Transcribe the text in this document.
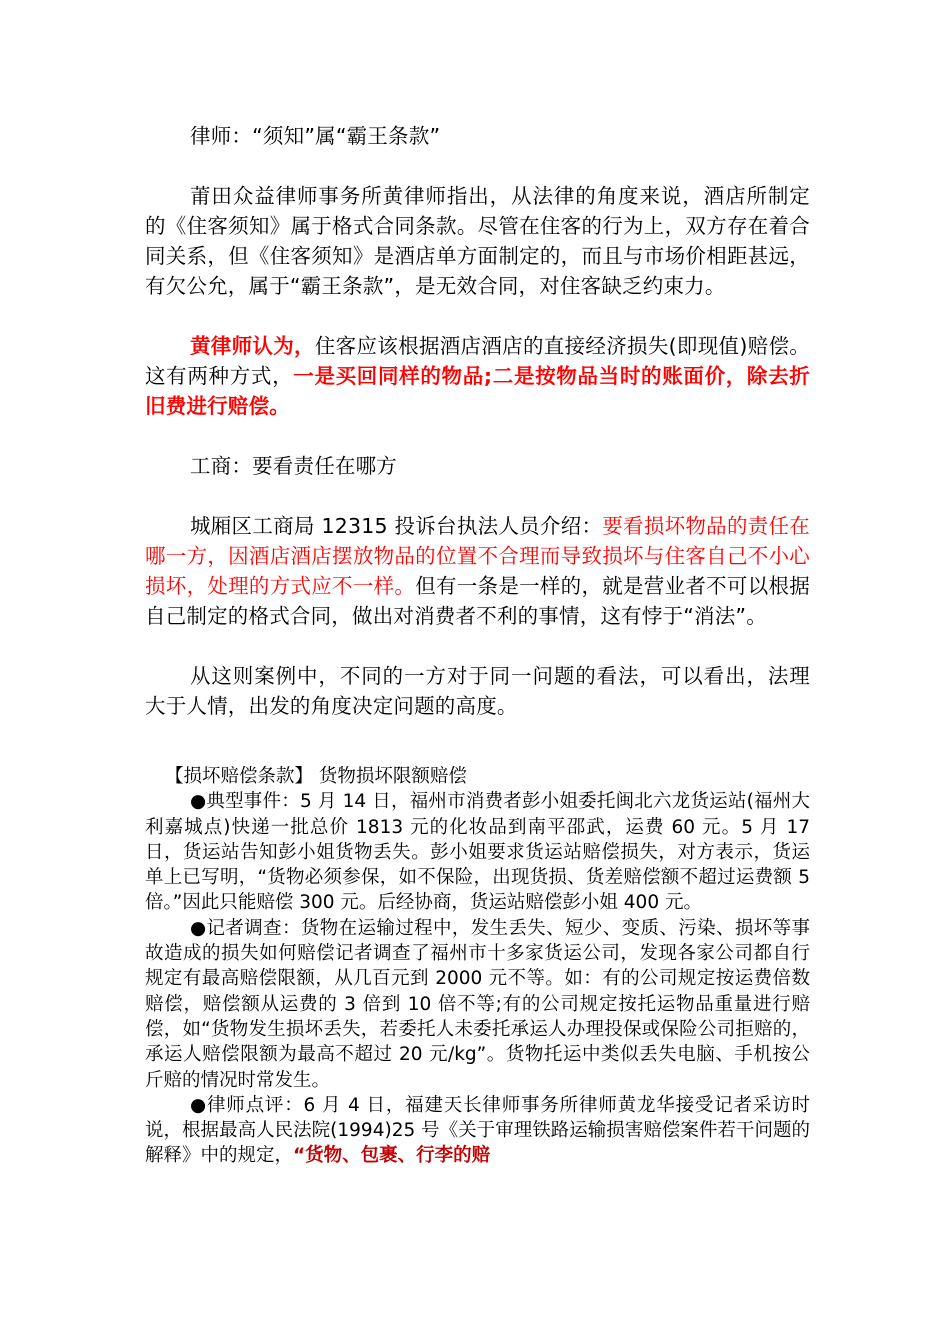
律师：“须知”属“霸王条款”

莆田众益律师事务所黄律师指出，从法律的角度来说，酒店所制定的《住客须知》属于格式合同条款。尽管在住客的行为上，双方存在着合同关系，但《住客须知》是酒店单方面制定的，而且与市场价相距甚远，有欠公允，属于“霸王条款”，是无效合同，对住客缺乏约束力。

黄律师认为，住客应该根据酒店酒店的直接经济损失(即现值)赔偿。这有两种方式，一是买回同样的物品;二是按物品当时的账面价，除去折旧费进行赔偿。

工商：要看责任在哪方

城厢区工商局 12315 投诉台执法人员介绍：要看损坏物品的责任在哪一方，因酒店酒店摆放物品的位置不合理而导致损坏与住客自己不小心损坏，处理的方式应不一样。但有一条是一样的，就是营业者不可以根据自己制定的格式合同，做出对消费者不利的事情，这有悖于“消法”。

从这则案例中，不同的一方对于同一问题的看法，可以看出，法理大于人情，出发的角度决定问题的高度。

【损坏赔偿条款】 货物损坏限额赔偿

●典型事件：5 月 14 日，福州市消费者彭小姐委托闽北六龙货运站(福州大利嘉城点)快递一批总价 1813 元的化妆品到南平邵武，运费 60 元。5 月 17 日，货运站告知彭小姐货物丢失。彭小姐要求货运站赔偿损失，对方表示，货运单上已写明，“货物必须参保，如不保险，出现货损、货差赔偿额不超过运费额 5 倍。”因此只能赔偿 300 元。后经协商，货运站赔偿彭小姐 400 元。

●记者调查：货物在运输过程中，发生丢失、短少、变质、污染、损坏等事故造成的损失如何赔偿记者调查了福州市十多家货运公司，发现各家公司都自行规定有最高赔偿限额，从几百元到 2000 元不等。如：有的公司规定按运费倍数赔偿，赔偿额从运费的 3 倍到 10 倍不等;有的公司规定按托运物品重量进行赔偿，如“货物发生损坏丢失，若委托人未委托承运人办理投保或保险公司拒赔的，承运人赔偿限额为最高不超过 20 元/kg”。货物托运中类似丢失电脑、手机按公斤赔的情况时常发生。

●律师点评：6 月 4 日，福建天长律师事务所律师黄龙华接受记者采访时说，根据最高人民法院(1994)25 号《关于审理铁路运输损害赔偿案件若干问题的解释》中的规定，“货物、包裹、行李的赔
